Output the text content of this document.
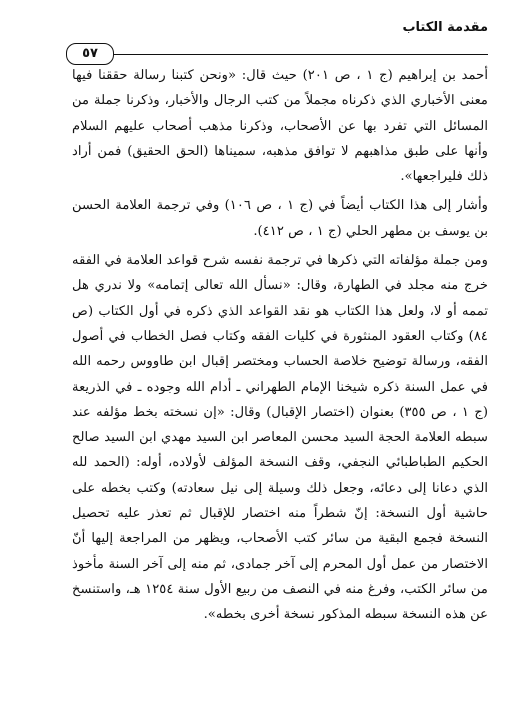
مقدمة الكتاب
٥٧

أحمد بن إبراهيم (ج ١ ، ص ٢٠١) حيث قال: «ونحن كتبنا رسالة حققنا فيها معنى الأخباري الذي ذكرناه مجملاً من كتب الرجال والأخبار، وذكرنا جملة من المسائل التي تفرد بها عن الأصحاب، وذكرنا مذهب أصحاب عليهم السلام وأنها على طبق مذاهبهم لا توافق مذهبه، سميناها (الحق الحقيق) فمن أراد ذلك فليراجعها».

وأشار إلى هذا الكتاب أيضاً في (ج ١ ، ص ١٠٦) وفي ترجمة العلامة الحسن بن يوسف بن مطهر الحلي (ج ١ ، ص ٤١٢).

ومن جملة مؤلفاته التي ذكرها في ترجمة نفسه شرح قواعد العلامة في الفقه خرج منه مجلد في الطهارة، وقال: «نسأل الله تعالى إتمامه» ولا ندري هل تممه أو لا، ولعل هذا الكتاب هو نقد القواعد الذي ذكره في أول الكتاب (ص ٨٤) وكتاب العقود المنثورة في كليات الفقه وكتاب فصل الخطاب في أصول الفقه، ورسالة توضيح خلاصة الحساب ومختصر إقبال ابن طاووس رحمه الله في عمل السنة ذكره شيخنا الإمام الطهراني ـ أدام الله وجوده ـ في الذريعة (ج ١ ، ص ٣٥٥) بعنوان (اختصار الإقبال) وقال: «إن نسخته بخط مؤلفه عند سبطه العلامة الحجة السيد محسن المعاصر ابن السيد مهدي ابن السيد صالح الحكيم الطباطبائي النجفي، وقف النسخة المؤلف لأولاده، أوله: (الحمد لله الذي دعانا إلى دعائه، وجعل ذلك وسيلة إلى نيل سعادته) وكتب بخطه على حاشية أول النسخة: إنّ شطراً منه اختصار للإقبال ثم تعذر عليه تحصيل النسخة فجمع البقية من سائر كتب الأصحاب، ويظهر من المراجعة إليها أنّ الاختصار من عمل أول المحرم إلى آخر جمادى، ثم منه إلى آخر السنة مأخوذ من سائر الكتب، وفرغ منه في النصف من ربيع الأول سنة ١٢٥٤ هـ، واستنسخ عن هذه النسخة سبطه المذكور نسخة أخرى بخطه».
